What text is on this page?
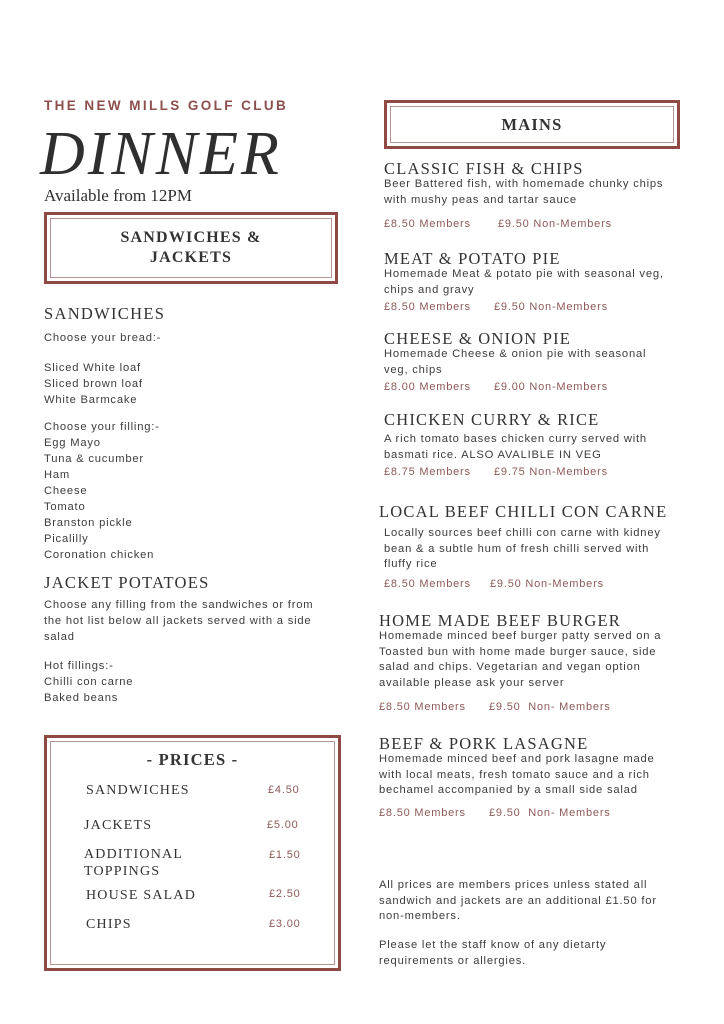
THE NEW MILLS GOLF CLUB
DINNER
Available from 12PM
SANDWICHES &
JACKETS
SANDWICHES
Choose your bread:-
Sliced White loaf
Sliced brown loaf
White Barmcake
Choose your filling:-
Egg Mayo
Tuna & cucumber
Ham
Cheese
Tomato
Branston pickle
Picalilly
Coronation chicken
JACKET POTATOES
Choose any filling from the sandwiches or from
the hot list below all jackets served with a side
salad
Hot fillings:-
Chilli con carne
Baked beans
- PRICES -
SANDWICHES	£4.50
JACKETS	£5.00
ADDITIONAL
TOPPINGS
£1.50
HOUSE SALAD	£2.50
CHIPS	£3.00
MAINS
CLASSIC FISH & CHIPS
Beer Battered fish, with homemade chunky chips
with mushy peas and tartar sauce
£8.50 Members £9.50 Non-Members
MEAT & POTATO PIE
Homemade Meat & potato pie with seasonal veg,
chips and gravy
£8.50 Members £9.50 Non-Members
CHEESE & ONION PIE
Homemade Cheese & onion pie with seasonal
veg, chips
£8.00 Members £9.00 Non-Members
CHICKEN CURRY & RICE
A rich tomato bases chicken curry served with
basmati rice. ALSO AVALIBLE IN VEG
£8.75 Members £9.75 Non-Members
LOCAL BEEF CHILLI CON CARNE
Locally sources beef chilli con carne with kidney
bean & a subtle hum of fresh chilli served with
fluffy rice
£8.50 Members £9.50 Non-Members
HOME MADE BEEF BURGER
Homemade minced beef burger patty served on a
Toasted bun with home made burger sauce, side
salad and chips. Vegetarian and vegan option
available please ask your server
£8.50 Members £9.50  Non- Members
BEEF & PORK LASAGNE
Homemade minced beef and pork lasagne made
with local meats, fresh tomato sauce and a rich
bechamel accompanied by a small side salad
£8.50 Members £9.50  Non- Members
All prices are members prices unless stated all
sandwich and jackets are an additional £1.50 for
non-members.
Please let the staff know of any dietarty
requirements or allergies.
